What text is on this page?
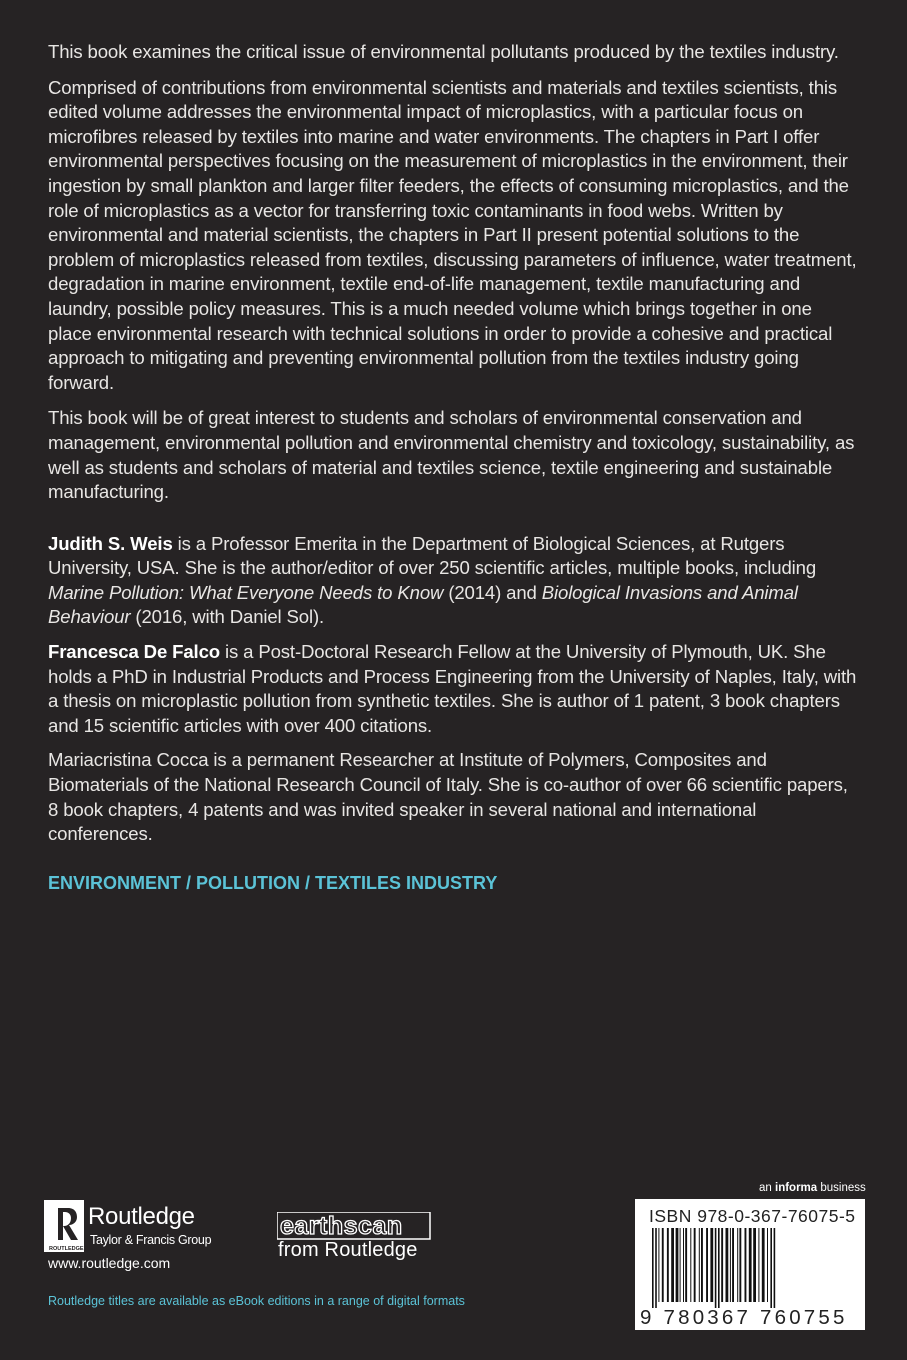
This book examines the critical issue of environmental pollutants produced by the textiles industry.

Comprised of contributions from environmental scientists and materials and textiles scientists, this edited volume addresses the environmental impact of microplastics, with a particular focus on microfibres released by textiles into marine and water environments. The chapters in Part I offer environmental perspectives focusing on the measurement of microplastics in the environment, their ingestion by small plankton and larger filter feeders, the effects of consuming microplastics, and the role of microplastics as a vector for transferring toxic contaminants in food webs. Written by environmental and material scientists, the chapters in Part II present potential solutions to the problem of microplastics released from textiles, discussing parameters of influence, water treatment, degradation in marine environment, textile end-of-life management, textile manufacturing and laundry, possible policy measures. This is a much needed volume which brings together in one place environmental research with technical solutions in order to provide a cohesive and practical approach to mitigating and preventing environmental pollution from the textiles industry going forward.

This book will be of great interest to students and scholars of environmental conservation and management, environmental pollution and environmental chemistry and toxicology, sustainability, as well as students and scholars of material and textiles science, textile engineering and sustainable manufacturing.

Judith S. Weis is a Professor Emerita in the Department of Biological Sciences, at Rutgers University, USA. She is the author/editor of over 250 scientific articles, multiple books, including Marine Pollution: What Everyone Needs to Know (2014) and Biological Invasions and Animal Behaviour (2016, with Daniel Sol).

Francesca De Falco is a Post-Doctoral Research Fellow at the University of Plymouth, UK. She holds a PhD in Industrial Products and Process Engineering from the University of Naples, Italy, with a thesis on microplastic pollution from synthetic textiles. She is author of 1 patent, 3 book chapters and 15 scientific articles with over 400 citations.

Mariacristina Cocca is a permanent Researcher at Institute of Polymers, Composites and Biomaterials of the National Research Council of Italy. She is co-author of over 66 scientific papers, 8 book chapters, 4 patents and was invited speaker in several national and international conferences.

ENVIRONMENT / POLLUTION / TEXTILES INDUSTRY
ROUTLEDGE
Routledge
Taylor & Francis Group
www.routledge.com
earthscan
from Routledge
Routledge titles are available as eBook editions in a range of digital formats
an informa business
ISBN 978-0-367-76075-5
9 780367 760755
